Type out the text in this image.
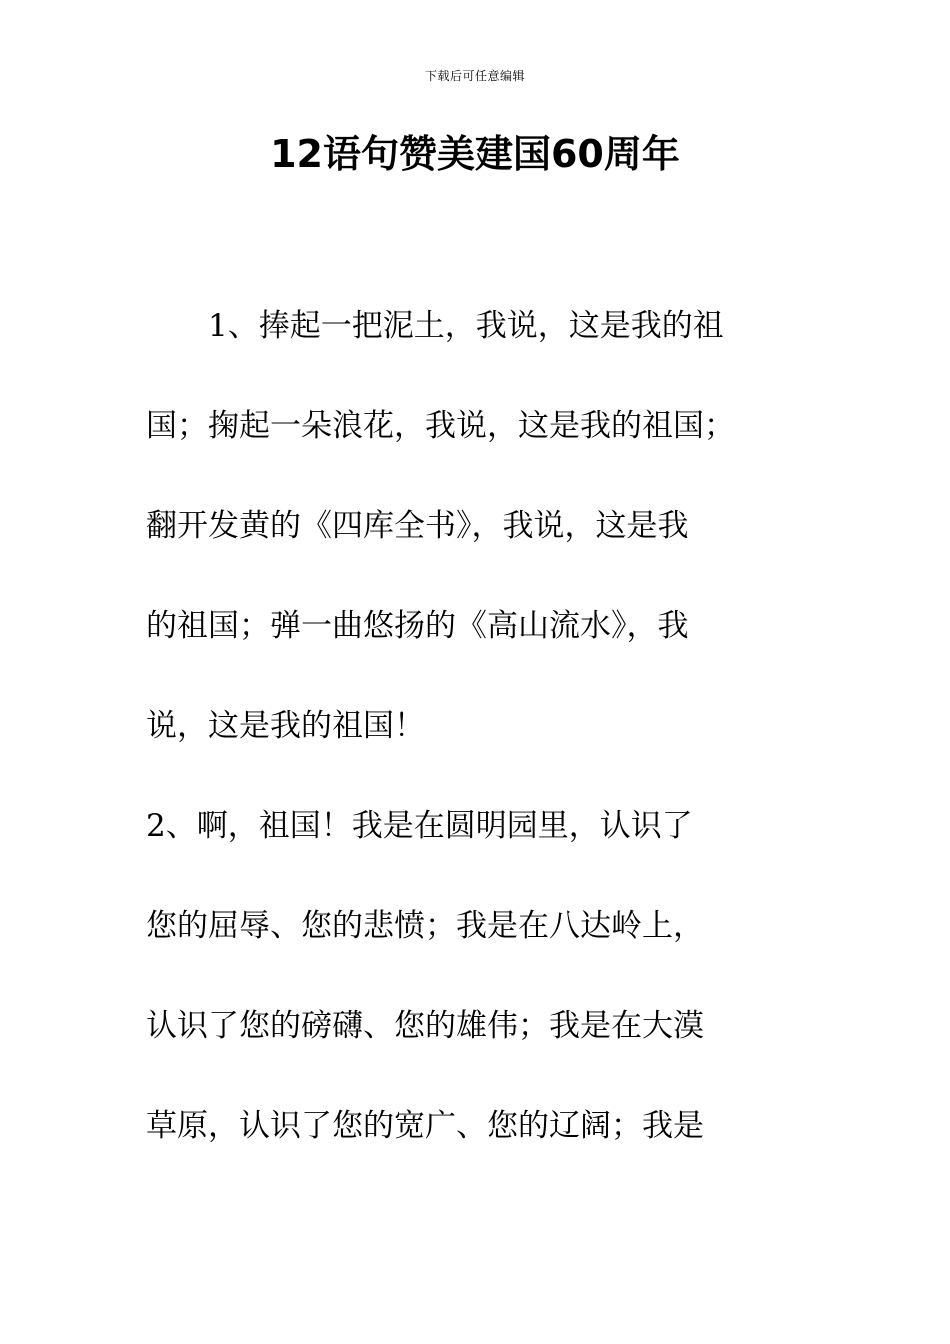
下载后可任意编辑
12语句赞美建国60周年
　　1、捧起一把泥土，我说，这是我的祖
国；掬起一朵浪花，我说，这是我的祖国；
翻开发黄的《四库全书》，我说，这是我
的祖国；弹一曲悠扬的《高山流水》，我
说，这是我的祖国！
2、啊，祖国！我是在圆明园里，认识了
您的屈辱、您的悲愤；我是在八达岭上，
认识了您的磅礴、您的雄伟；我是在大漠
草原，认识了您的宽广、您的辽阔；我是
